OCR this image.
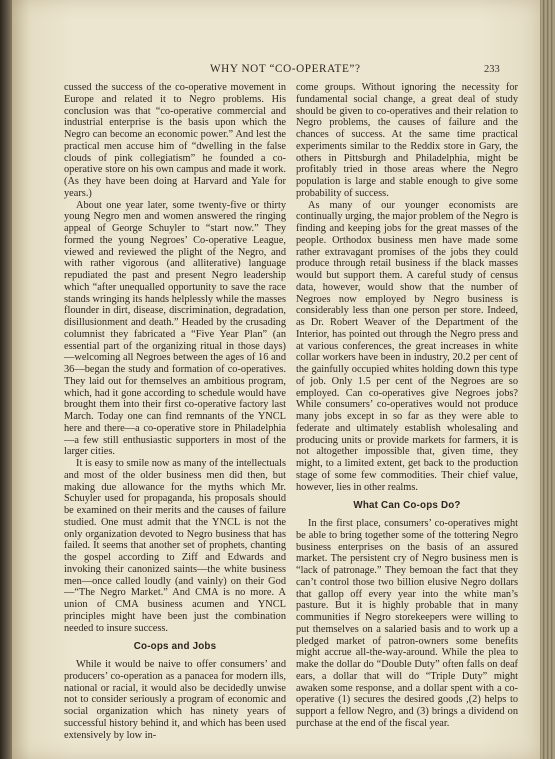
WHY NOT “CO-OPERATE”?	233

cussed the success of the co-operative movement in Europe and related it to Negro problems. His conclusion was that “co-operative commercial and industrial enterprise is the basis upon which the Negro can become an economic power.” And lest the practical men accuse him of “dwelling in the false clouds of pink collegiatism” he founded a co-operative store on his own campus and made it work. (As they have been doing at Harvard and Yale for years.)

About one year later, some twenty-five or thirty young Negro men and women answered the ringing appeal of George Schuyler to “start now.” They formed the young Negroes’ Co-operative League, viewed and reviewed the plight of the Negro, and with rather vigorous (and alliterative) language repudiated the past and present Negro leadership which “after unequalled opportunity to save the race stands wringing its hands helplessly while the masses flounder in dirt, disease, discrimination, degradation, disillusionment and death.” Headed by the crusading columnist they fabricated a “Five Year Plan” (an essential part of the organizing ritual in those days)—welcoming all Negroes between the ages of 16 and 36—began the study and formation of co-operatives. They laid out for themselves an ambitious program, which, had it gone according to schedule would have brought them into their first co-operative factory last March. Today one can find remnants of the YNCL here and there—a co-operative store in Philadelphia—a few still enthusiastic supporters in most of the larger cities.

It is easy to smile now as many of the intellectuals and most of the older business men did then, but making due allowance for the myths which Mr. Schuyler used for propaganda, his proposals should be examined on their merits and the causes of failure studied. One must admit that the YNCL is not the only organization devoted to Negro business that has failed. It seems that another set of prophets, chanting the gospel according to Ziff and Edwards and invoking their canonized saints—the white business men—once called loudly (and vainly) on their God—“The Negro Market.” And CMA is no more. A union of CMA business acumen and YNCL principles might have been just the combination needed to insure success.

Co-ops and Jobs

While it would be naive to offer consumers’ and producers’ co-operation as a panacea for modern ills, national or racial, it would also be decidedly unwise not to consider seriously a program of economic and social organization which has ninety years of successful history behind it, and which has been used extensively by low in-

come groups. Without ignoring the necessity for fundamental social change, a great deal of study should be given to co-operatives and their relation to Negro problems, the causes of failure and the chances of success. At the same time practical experiments similar to the Reddix store in Gary, the others in Pittsburgh and Philadelphia, might be profitably tried in those areas where the Negro population is large and stable enough to give some probability of success.

As many of our younger economists are continually urging, the major problem of the Negro is finding and keeping jobs for the great masses of the people. Orthodox business men have made some rather extravagant promises of the jobs they could produce through retail business if the black masses would but support them. A careful study of census data, however, would show that the number of Negroes now employed by Negro business is considerably less than one person per store. Indeed, as Dr. Robert Weaver of the Department of the Interior, has pointed out through the Negro press and at various conferences, the great increases in white collar workers have been in industry, 20.2 per cent of the gainfully occupied whites holding down this type of job. Only 1.5 per cent of the Negroes are so employed. Can co-operatives give Negroes jobs? While consumers’ co-operatives would not produce many jobs except in so far as they were able to federate and ultimately establish wholesaling and producing units or provide markets for farmers, it is not altogether impossible that, given time, they might, to a limited extent, get back to the production stage of some few commodities. Their chief value, however, lies in other realms.

What Can Co-ops Do?

In the first place, consumers’ co-operatives might be able to bring together some of the tottering Negro business enterprises on the basis of an assured market. The persistent cry of Negro business men is “lack of patronage.” They bemoan the fact that they can’t control those two billion elusive Negro dollars that gallop off every year into the white man’s pasture. But it is highly probable that in many communities if Negro storekeepers were willing to put themselves on a salaried basis and to work up a pledged market of patron-owners some benefits might accrue all-the-way-around. While the plea to make the dollar do “Double Duty” often falls on deaf ears, a dollar that will do “Triple Duty” might awaken some response, and a dollar spent with a co-operative (1) secures the desired goods ,(2) helps to support a fellow Negro, and (3) brings a dividend on purchase at the end of the fiscal year.
